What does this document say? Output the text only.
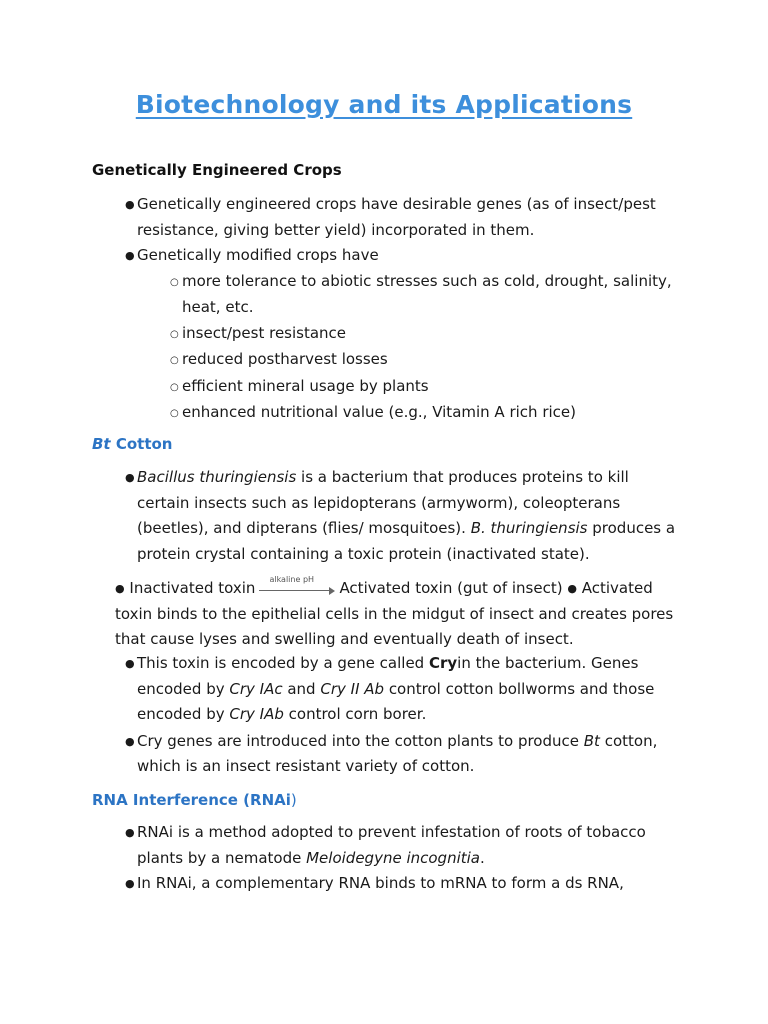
Biotechnology and its Applications
Genetically Engineered Crops
● Genetically engineered crops have desirable genes (as of insect/pest resistance, giving better yield) incorporated in them.
● Genetically modified crops have
○ more tolerance to abiotic stresses such as cold, drought, salinity, heat, etc.
○ insect/pest resistance
○ reduced postharvest losses
○ efficient mineral usage by plants
○ enhanced nutritional value (e.g., Vitamin A rich rice)
Bt Cotton
● Bacillus thuringiensis is a bacterium that produces proteins to kill certain insects such as lepidopterans (armyworm), coleopterans (beetles), and dipterans (flies/ mosquitoes). B. thuringiensis produces a protein crystal containing a toxic protein (inactivated state).
● Inactivated toxin alkaline pH Activated toxin (gut of insect) ● Activated toxin binds to the epithelial cells in the midgut of insect and creates pores that cause lyses and swelling and eventually death of insect.
● This toxin is encoded by a gene called Cryin the bacterium. Genes encoded by Cry IAc and Cry II Ab control cotton bollworms and those encoded by Cry IAb control corn borer.
● Cry genes are introduced into the cotton plants to produce Bt cotton, which is an insect resistant variety of cotton.
RNA Interference (RNAi)
● RNAi is a method adopted to prevent infestation of roots of tobacco plants by a nematode Meloidegyne incognitia.
● In RNAi, a complementary RNA binds to mRNA to form a ds RNA,
